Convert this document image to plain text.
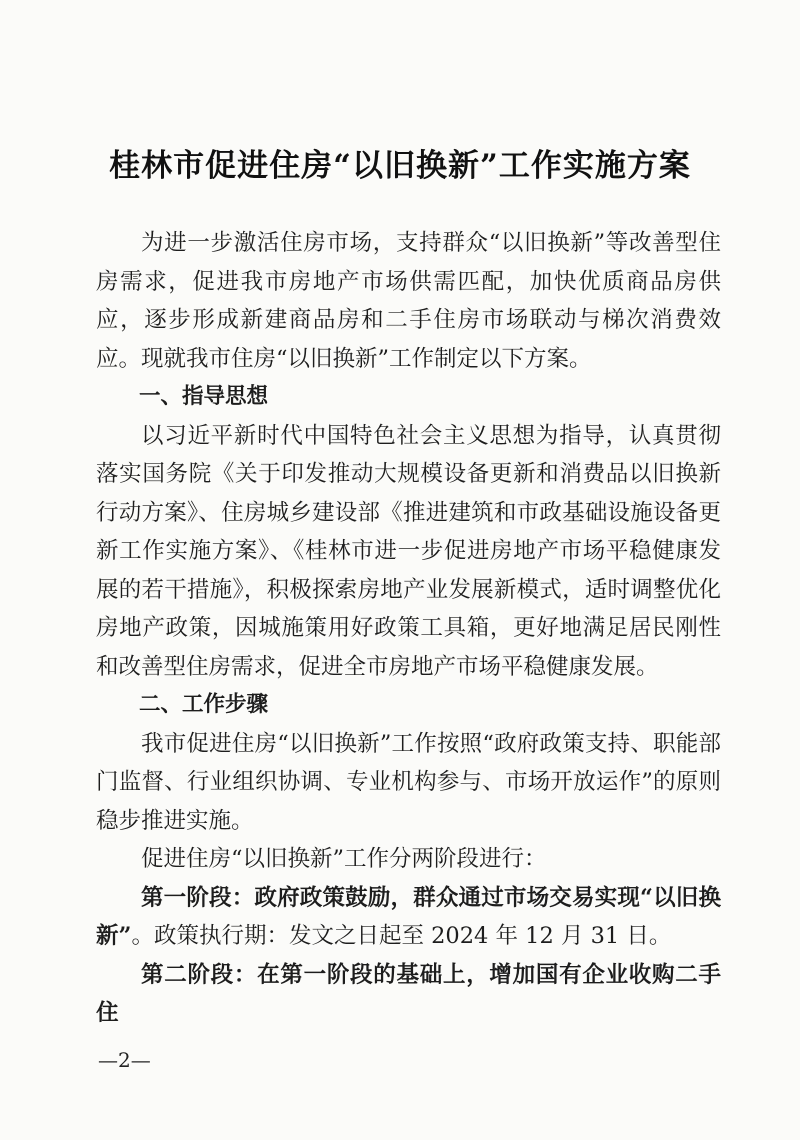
桂林市促进住房“以旧换新”工作实施方案

为进一步激活住房市场，支持群众“以旧换新”等改善型住房需求，促进我市房地产市场供需匹配，加快优质商品房供应，逐步形成新建商品房和二手住房市场联动与梯次消费效应。现就我市住房“以旧换新”工作制定以下方案。

一、指导思想

以习近平新时代中国特色社会主义思想为指导，认真贯彻落实国务院《关于印发推动大规模设备更新和消费品以旧换新行动方案》、住房城乡建设部《推进建筑和市政基础设施设备更新工作实施方案》、《桂林市进一步促进房地产市场平稳健康发展的若干措施》，积极探索房地产业发展新模式，适时调整优化房地产政策，因城施策用好政策工具箱，更好地满足居民刚性和改善型住房需求，促进全市房地产市场平稳健康发展。

二、工作步骤

我市促进住房“以旧换新”工作按照“政府政策支持、职能部门监督、行业组织协调、专业机构参与、市场开放运作”的原则稳步推进实施。

促进住房“以旧换新”工作分两阶段进行：

第一阶段：政府政策鼓励，群众通过市场交易实现“以旧换新”。政策执行期：发文之日起至 2024 年 12 月 31 日。

第二阶段：在第一阶段的基础上，增加国有企业收购二手住

—2—
